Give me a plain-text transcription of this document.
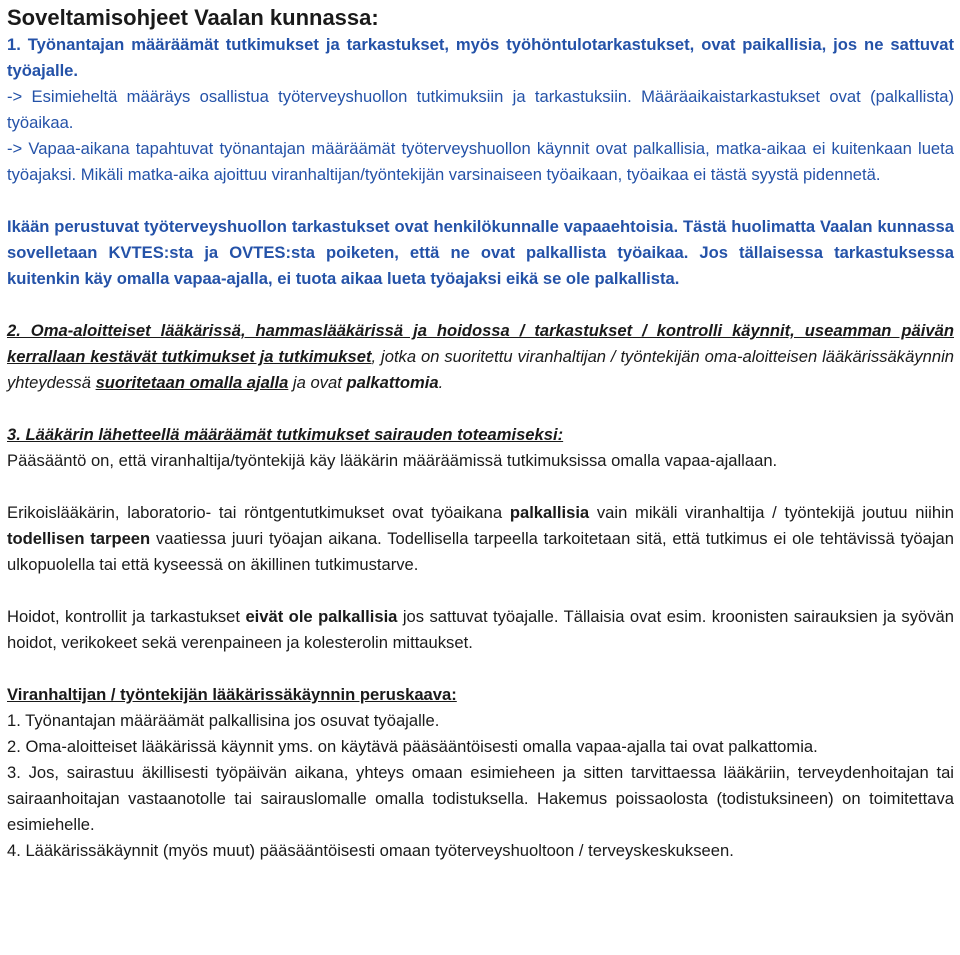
Soveltamisohjeet Vaalan kunnassa:

1. Työnantajan määräämät tutkimukset ja tarkastukset, myös työhöntulotarkastukset, ovat paikallisia, jos ne sattuvat työajalle.

-> Esimieheltä määräys osallistua työterveyshuollon tutkimuksiin ja tarkastuksiin. Määräaikaistarkastukset ovat (palkallista) työaikaa.

-> Vapaa-aikana tapahtuvat työnantajan määräämät työterveyshuollon käynnit ovat palkallisia, matka-aikaa ei kuitenkaan lueta työajaksi. Mikäli matka-aika ajoittuu viranhaltijan/työntekijän varsinaiseen työaikaan, työaikaa ei tästä syystä pidennetä.

Ikään perustuvat työterveyshuollon tarkastukset ovat henkilökunnalle vapaaehtoisia. Tästä huolimatta Vaalan kunnassa sovelletaan KVTES:sta ja OVTES:sta poiketen, että ne ovat palkallista työaikaa. Jos tällaisessa tarkastuksessa kuitenkin käy omalla vapaa-ajalla, ei tuota aikaa lueta työajaksi eikä se ole palkallista.

2. Oma-aloitteiset lääkärissä, hammaslääkärissä ja hoidossa / tarkastukset / kontrolli käynnit, useamman päivän kerrallaan kestävät tutkimukset ja tutkimukset, jotka on suoritettu viranhaltijan / työntekijän oma-aloitteisen lääkärissäkäynnin yhteydessä suoritetaan omalla ajalla ja ovat palkattomia.

3. Lääkärin lähetteellä määräämät tutkimukset sairauden toteamiseksi:

Pääsääntö on, että viranhaltija/työntekijä käy lääkärin määräämissä tutkimuksissa omalla vapaa-ajallaan.

Erikoislääkärin, laboratorio- tai röntgentutkimukset ovat työaikana palkallisia vain mikäli viranhaltija / työntekijä joutuu niihin todellisen tarpeen vaatiessa juuri työajan aikana. Todellisella tarpeella tarkoitetaan sitä, että tutkimus ei ole tehtävissä työajan ulkopuolella tai että kyseessä on äkillinen tutkimustarve.

Hoidot, kontrollit ja tarkastukset eivät ole palkallisia jos sattuvat työajalle. Tällaisia ovat esim. kroonisten sairauksien ja syövän hoidot, verikokeet sekä verenpaineen ja kolesterolin mittaukset.

Viranhaltijan / työntekijän lääkärissäkäynnin peruskaava:

1. Työnantajan määräämät palkallisina jos osuvat työajalle.

2. Oma-aloitteiset lääkärissä käynnit yms. on käytävä pääsääntöisesti omalla vapaa-ajalla tai ovat palkattomia.

3. Jos, sairastuu äkillisesti työpäivän aikana, yhteys omaan esimieheen ja sitten tarvittaessa lääkäriin, terveydenhoitajan tai sairaanhoitajan vastaanotolle tai sairauslomalle omalla todistuksella. Hakemus poissaolosta (todistuksineen) on toimitettava esimiehelle.

4. Lääkärissäkäynnit (myös muut) pääsääntöisesti omaan työterveyshuoltoon / terveyskeskukseen.
